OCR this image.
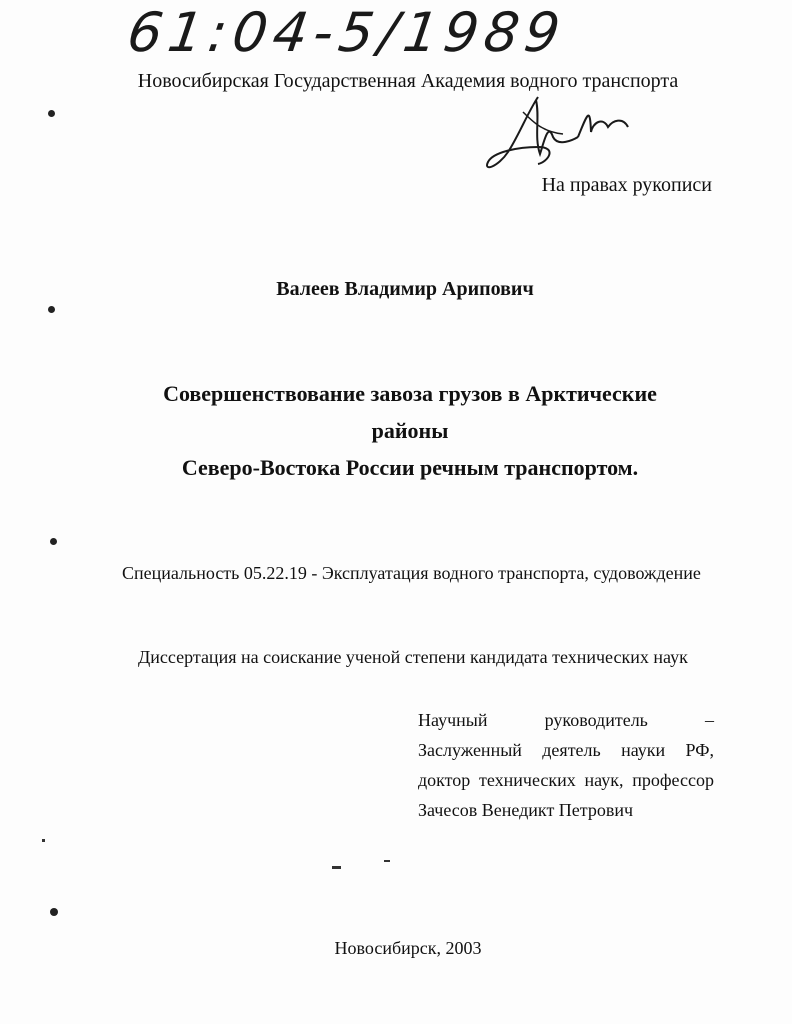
61:04-5/1989
Новосибирская Государственная Академия водного транспорта
На правах рукописи
Валеев Владимир Арипович
Совершенствование завоза грузов в Арктические
районы
Северо-Востока России речным транспортом.
Специальность 05.22.19 - Эксплуатация водного транспорта, судовождение
Диссертация на соискание ученой степени кандидата технических наук
Научный	руководитель	–
Заслуженный деятель науки РФ,
доктор технических наук, профессор
Зачесов Венедикт Петрович
Новосибирск, 2003
